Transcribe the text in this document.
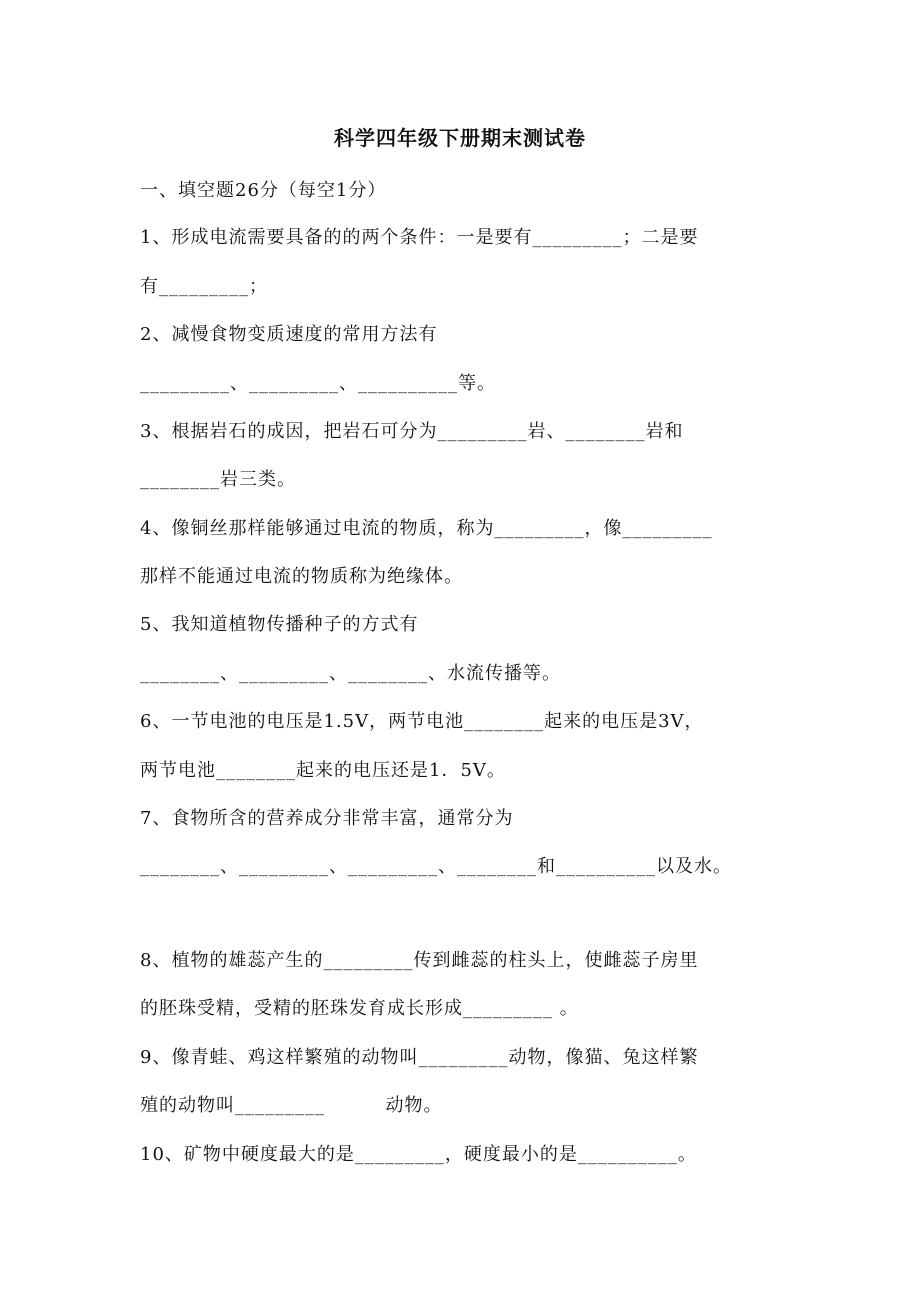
科学四年级下册期末测试卷
一、填空题26分（每空1分）
1、形成电流需要具备的的两个条件：一是要有_________；二是要
有_________；
2、减慢食物变质速度的常用方法有
_________、_________、__________等。
3、根据岩石的成因，把岩石可分为_________岩、________岩和
________岩三类。
4、像铜丝那样能够通过电流的物质，称为_________，像_________
那样不能通过电流的物质称为绝缘体。
5、我知道植物传播种子的方式有
________、_________、________、水流传播等。
6、一节电池的电压是1.5V，两节电池________起来的电压是3V，
两节电池________起来的电压还是1．5V。
7、食物所含的营养成分非常丰富，通常分为
________、_________、_________、________和__________以及水。
8、植物的雄蕊产生的_________传到雌蕊的柱头上，使雌蕊子房里
的胚珠受精，受精的胚珠发育成长形成_________ 。
9、像青蛙、鸡这样繁殖的动物叫_________动物，像猫、兔这样繁
殖的动物叫_________         动物。
10、矿物中硬度最大的是_________，硬度最小的是__________。
